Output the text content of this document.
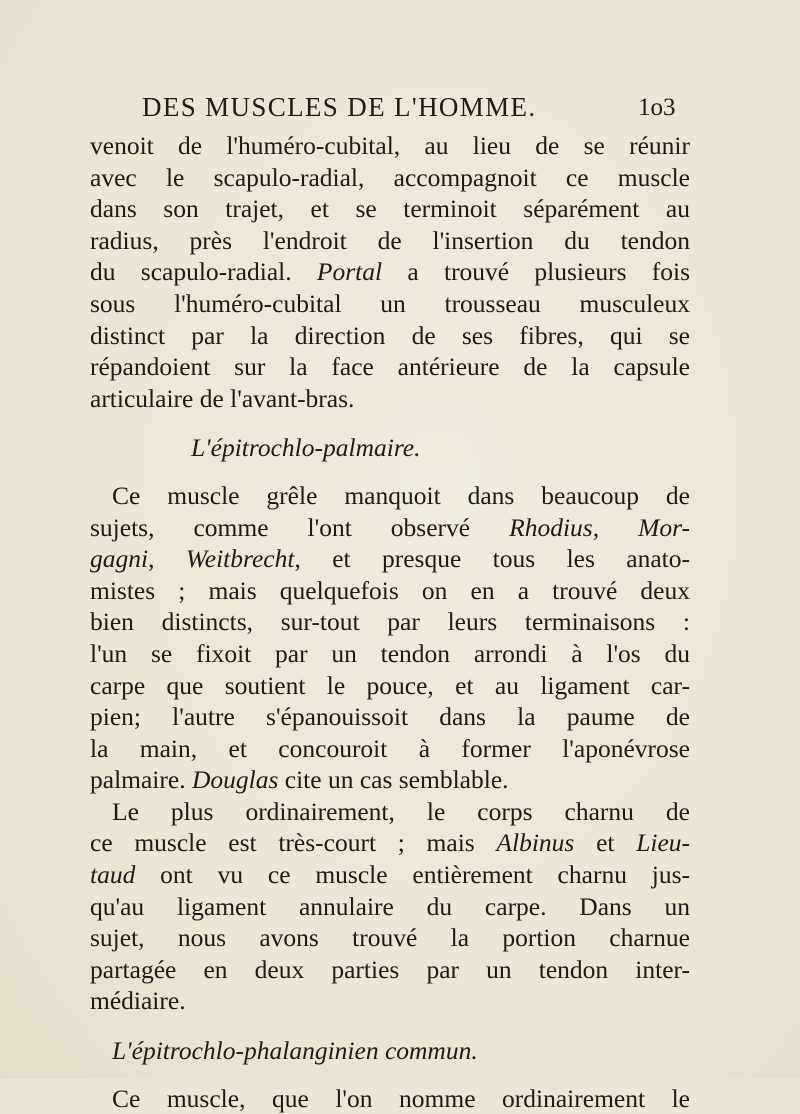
DES MUSCLES DE L'HOMME.	1o3
venoit de l'huméro-cubital, au lieu de se réunir
avec le scapulo-radial, accompagnoit ce muscle
dans son trajet, et se terminoit séparément au
radius, près l'endroit de l'insertion du tendon
du scapulo-radial. Portal a trouvé plusieurs fois
sous l'huméro-cubital un trousseau musculeux
distinct par la direction de ses fibres, qui se
répandoient sur la face antérieure de la capsule
articulaire de l'avant-bras.
L'épitrochlo-palmaire.
Ce muscle grêle manquoit dans beaucoup de
sujets, comme l'ont observé Rhodius, Mor-
gagni, Weitbrecht, et presque tous les anato-
mistes ; mais quelquefois on en a trouvé deux
bien distincts, sur-tout par leurs terminaisons :
l'un se fixoit par un tendon arrondi à l'os du
carpe que soutient le pouce, et au ligament car-
pien; l'autre s'épanouissoit dans la paume de
la main, et concouroit à former l'aponévrose
palmaire. Douglas cite un cas semblable.
Le plus ordinairement, le corps charnu de
ce muscle est très-court ; mais Albinus et Lieu-
taud ont vu ce muscle entièrement charnu jus-
qu'au ligament annulaire du carpe. Dans un
sujet, nous avons trouvé la portion charnue
partagée en deux parties par un tendon inter-
médiaire.
L'épitrochlo-phalanginien commun.
Ce muscle, que l'on nomme ordinairement le
